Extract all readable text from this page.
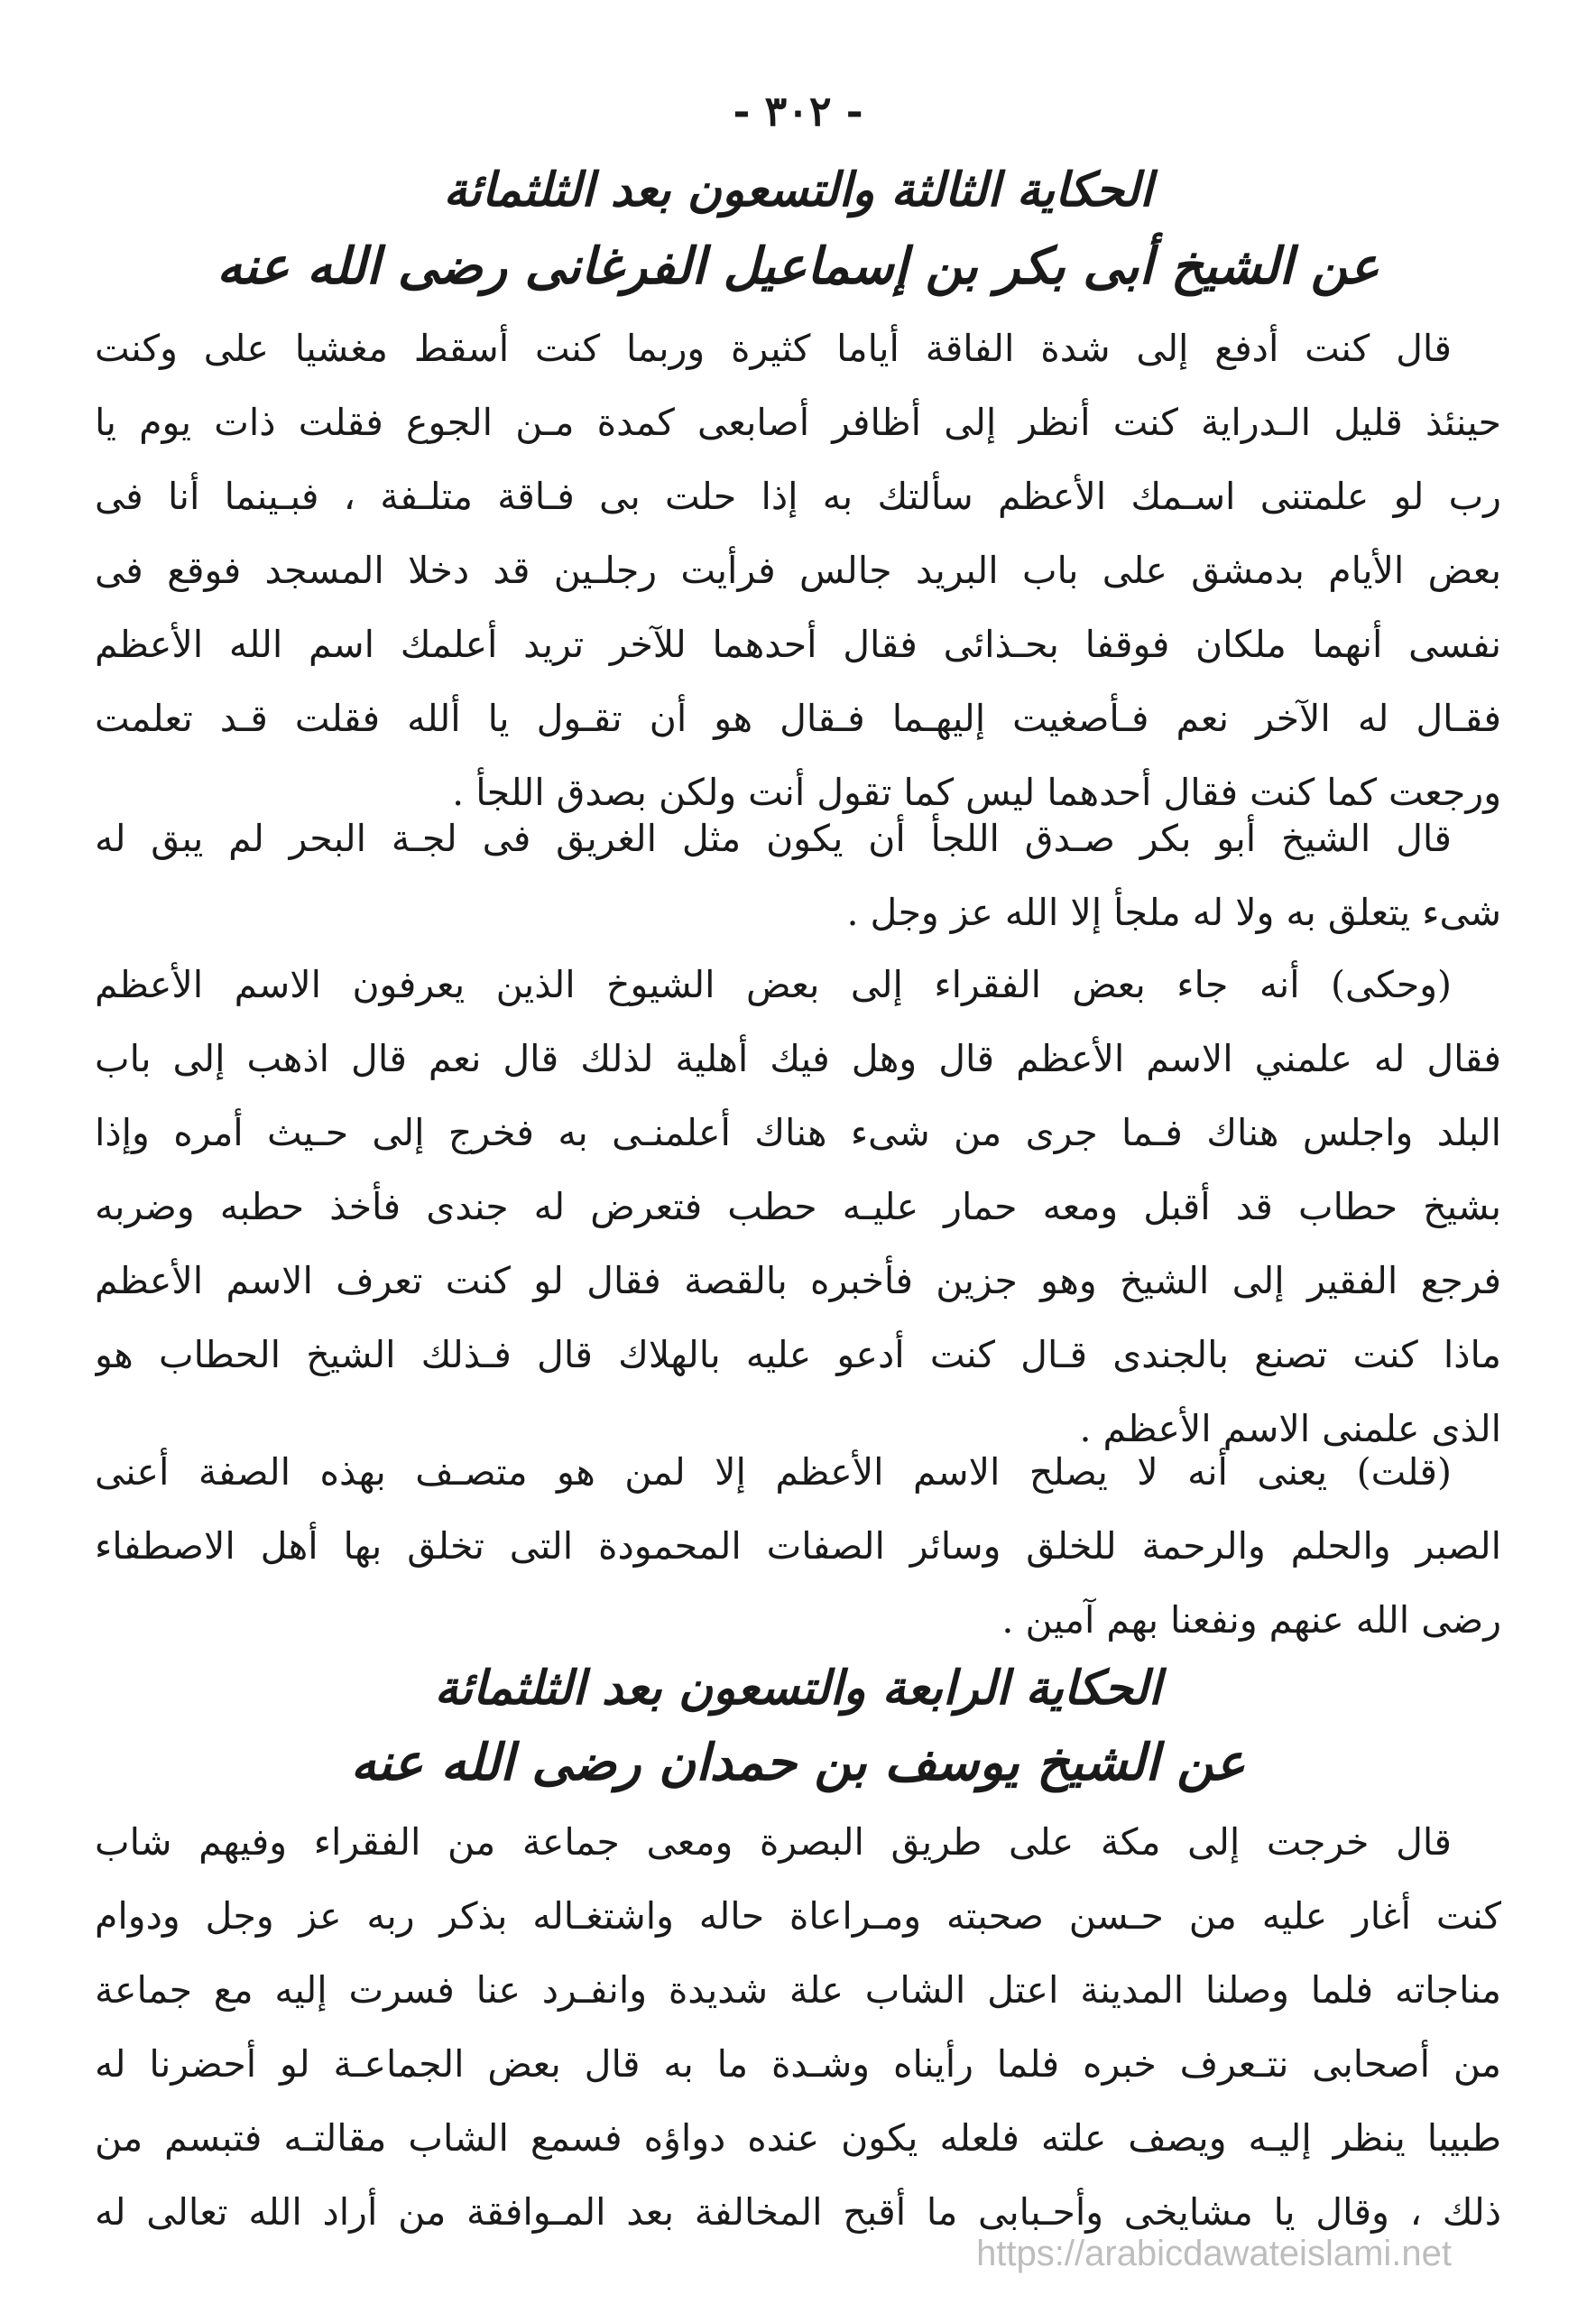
- ٣٠٢ -
الحكاية الثالثة والتسعون بعد الثلثمائة
عن الشيخ أبى بكر بن إسماعيل الفرغانى رضى الله عنه
قال كنت أدفع إلى شدة الفاقة أياما كثيرة وربما كنت أسقط مغشيا على وكنت
حينئذ قليل الـدراية كنت أنظر إلى أظافر أصابعى كمدة مـن الجوع فقلت ذات يوم يا
رب لو علمتنى اسـمك الأعظم سألتك به إذا حلت بى فـاقة متلـفة ، فبـينما أنا فى
بعض الأيام بدمشق على باب البريد جالس فرأيت رجلـين قد دخلا المسجد فوقع فى
نفسى أنهما ملكان فوقفا بحـذائى فقال أحدهما للآخر تريد أعلمك اسم الله الأعظم
فقـال له الآخر نعم فـأصغيت إليهـما فـقال هو أن تقـول يا ألله فقلت قـد تعلمت
ورجعت كما كنت فقال أحدهما ليس كما تقول أنت ولكن بصدق اللجأ .
قال الشيخ أبو بكر صـدق اللجأ أن يكون مثل الغريق فى لجـة البحر لم يبق له
شىء يتعلق به ولا له ملجأ إلا الله عز وجل .
(وحكى) أنه جاء بعض الفقراء إلى بعض الشيوخ الذين يعرفون الاسم الأعظم
فقال له علمني الاسم الأعظم قال وهل فيك أهلية لذلك قال نعم قال اذهب إلى باب
البلد واجلس هناك فـما جرى من شىء هناك أعلمنـى به فخرج إلى حـيث أمره وإذا
بشيخ حطاب قد أقبل ومعه حمار عليـه حطب فتعرض له جندى فأخذ حطبه وضربه
فرجع الفقير إلى الشيخ وهو جزين فأخبره بالقصة فقال لو كنت تعرف الاسم الأعظم
ماذا كنت تصنع بالجندى قـال كنت أدعو عليه بالهلاك قال فـذلك الشيخ الحطاب هو
الذى علمنى الاسم الأعظم .
(قلت) يعنى أنه لا يصلح الاسم الأعظم إلا لمن هو متصـف بهذه الصفة أعنى
الصبر والحلم والرحمة للخلق وسائر الصفات المحمودة التى تخلق بها أهل الاصطفاء
رضى الله عنهم ونفعنا بهم آمين .
الحكاية الرابعة والتسعون بعد الثلثمائة
عن الشيخ يوسف بن حمدان رضى الله عنه
قال خرجت إلى مكة على طريق البصرة ومعى جماعة من الفقراء وفيهم شاب
كنت أغار عليه من حـسن صحبته ومـراعاة حاله واشتغـاله بذكر ربه عز وجل ودوام
مناجاته فلما وصلنا المدينة اعتل الشاب علة شديدة وانفـرد عنا فسرت إليه مع جماعة
من أصحابى نتـعرف خبره فلما رأيناه وشـدة ما به قال بعض الجماعـة لو أحضرنا له
طبيبا ينظر إليـه ويصف علته فلعله يكون عنده دواؤه فسمع الشاب مقالتـه فتبسم من
ذلك ، وقال يا مشايخى وأحـبابى ما أقبح المخالفة بعد المـوافقة من أراد الله تعالى له
https://arabicdawateislami.net
